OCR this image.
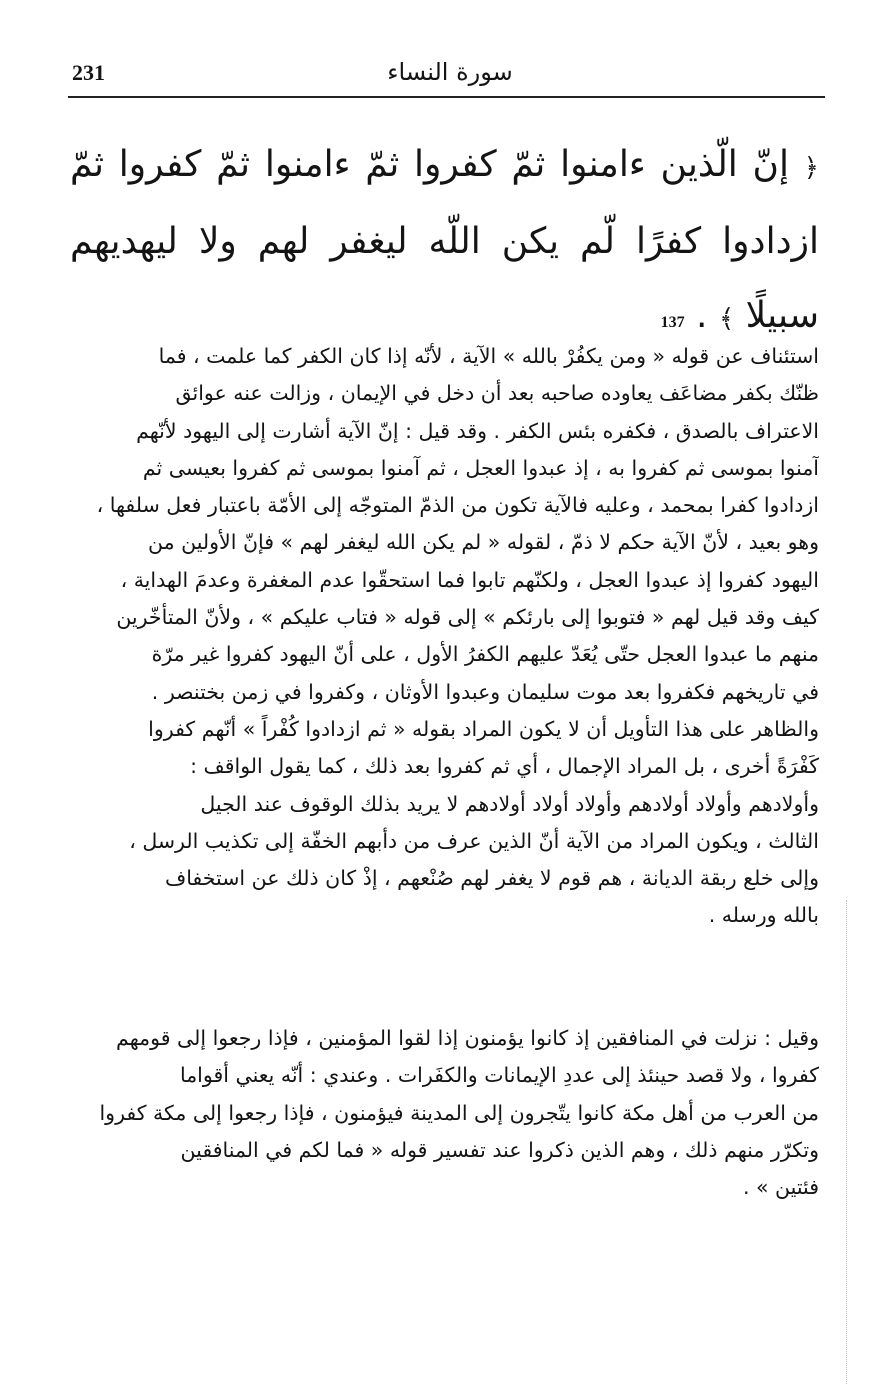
231	سورة النساء
﴿ إنّ الّذين ءامنوا ثمّ كفروا ثمّ ءامنوا ثمّ كفروا ثمّ ازدادوا كفرًا لّم يكن اللّه ليغفر لهم ولا ليهديهم سبيلًا ﴾ . 137
استئناف عن قوله « ومن يكفُرْ بالله » الآية ، لأنّه إذا كان الكفر كما علمت ، فما
ظنّك بكفر مضاعَف يعاوده صاحبه بعد أن دخل في الإيمان ، وزالت عنه عوائق
الاعتراف بالصدق ، فكفره بئس الكفر . وقد قيل : إنّ الآية أشارت إلى اليهود لأنّهم
آمنوا بموسى ثم كفروا به ، إذ عبدوا العجل ، ثم آمنوا بموسى ثم كفروا بعيسى ثم
ازدادوا كفرا بمحمد ، وعليه فالآية تكون من الذمّ المتوجّه إلى الأمّة باعتبار فعل سلفها ،
وهو بعيد ، لأنّ الآية حكم لا ذمّ ، لقوله « لم يكن الله ليغفر لهم » فإنّ الأولين من
اليهود كفروا إذ عبدوا العجل ، ولكنّهم تابوا فما استحقّوا عدم المغفرة وعدمَ الهداية ،
كيف وقد قيل لهم « فتوبوا إلى بارئكم » إلى قوله « فتاب عليكم » ، ولأنّ المتأخّرين
منهم ما عبدوا العجل حتّى يُعَدّ عليهم الكفرُ الأول ، على أنّ اليهود كفروا غير مرّة
في تاريخهم فكفروا بعد موت سليمان وعبدوا الأوثان ، وكفروا في زمن بختنصر .
والظاهر على هذا التأويل أن لا يكون المراد بقوله « ثم ازدادوا كُفْراً » أنّهم كفروا
كَفْرَةً أخرى ، بل المراد الإجمال ، أي ثم كفروا بعد ذلك ، كما يقول الواقف :
وأولادهم وأولاد أولادهم وأولاد أولاد أولادهم لا يريد بذلك الوقوف عند الجيل
الثالث ، ويكون المراد من الآية أنّ الذين عرف من دأبهم الخفّة إلى تكذيب الرسل ،
وإلى خلع ربقة الديانة ، هم قوم لا يغفر لهم صُنْعهم ، إذْ كان ذلك عن استخفاف
بالله ورسله .
وقيل : نزلت في المنافقين إذ كانوا يؤمنون إذا لقوا المؤمنين ، فإذا رجعوا إلى قومهم
كفروا ، ولا قصد حينئذ إلى عددِ الإيمانات والكفَرات . وعندي : أنّه يعني أقواما
من العرب من أهل مكة كانوا يتّجرون إلى المدينة فيؤمنون ، فإذا رجعوا إلى مكة كفروا
وتكرّر منهم ذلك ، وهم الذين ذكروا عند تفسير قوله « فما لكم في المنافقين
فئتين » .
